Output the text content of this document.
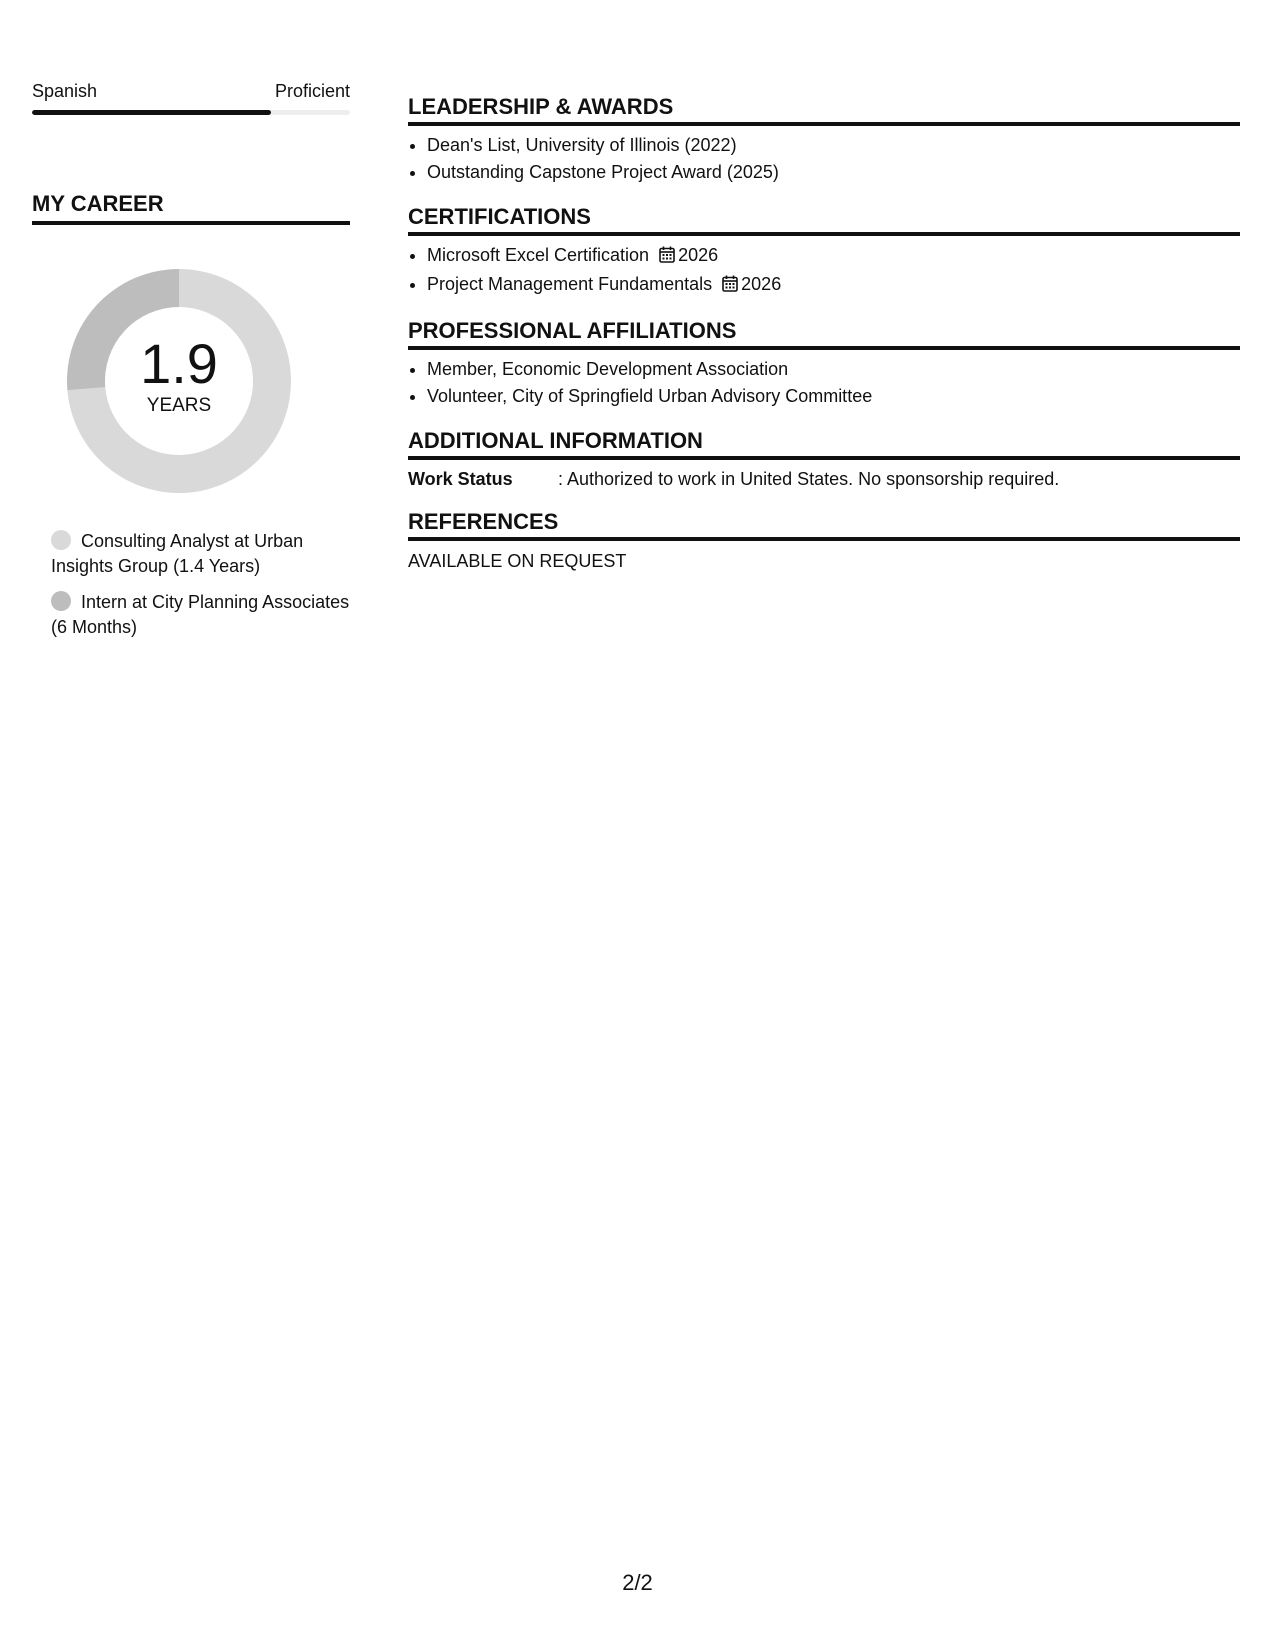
Spanish	Proficient
MY CAREER
1.9
YEARS
Consulting Analyst at Urban Insights Group (1.4 Years)
Intern at City Planning Associates (6 Months)
LEADERSHIP & AWARDS
• Dean's List, University of Illinois (2022)
• Outstanding Capstone Project Award (2025)
CERTIFICATIONS
• Microsoft Excel Certification 2026
• Project Management Fundamentals 2026
PROFESSIONAL AFFILIATIONS
• Member, Economic Development Association
• Volunteer, City of Springfield Urban Advisory Committee
ADDITIONAL INFORMATION
Work Status	: Authorized to work in United States. No sponsorship required.
REFERENCES
AVAILABLE ON REQUEST
2/2
